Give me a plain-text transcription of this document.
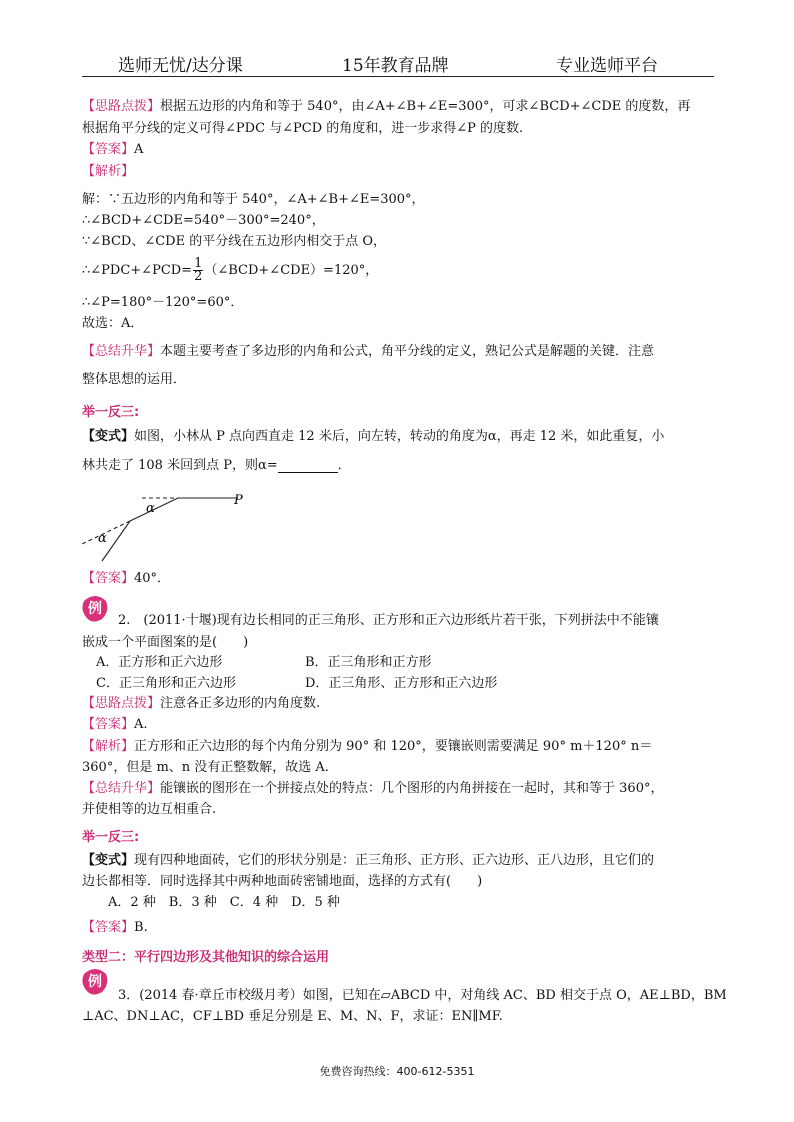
选师无忧/达分课	15年教育品牌	专业选师平台
【思路点拨】根据五边形的内角和等于 540°，由∠A+∠B+∠E=300°，可求∠BCD+∠CDE 的度数，再
根据角平分线的定义可得∠PDC 与∠PCD 的角度和，进一步求得∠P 的度数.
【答案】A
【解析】
解：∵五边形的内角和等于 540°，∠A+∠B+∠E=300°，
∴∠BCD+∠CDE=540°－300°=240°，
∵∠BCD、∠CDE 的平分线在五边形内相交于点 O，
∴∠PDC+∠PCD= $\frac{1}{2}$ （∠BCD+∠CDE）=120°，
∴∠P=180°－120°=60°．
故选：A．
【总结升华】本题主要考查了多边形的内角和公式，角平分线的定义，熟记公式是解题的关键．注意
整体思想的运用．
举一反三:
【变式】如图，小林从 P 点向西直走 12 米后，向左转，转动的角度为α，再走 12 米，如此重复，小
林共走了 108 米回到点 P，则α=	．
P
α
α
【答案】40°．
例
2.　(2011·十堰)现有边长相同的正三角形、正方形和正六边形纸片若干张，下列拼法中不能镶
嵌成一个平面图案的是(　　)
A．正方形和正六边形	B．正三角形和正方形
C．正三角形和正六边形	D．正三角形、正方形和正六边形
【思路点拨】注意各正多边形的内角度数.
【答案】A.
【解析】正方形和正六边形的每个内角分别为 90° 和 120°，要镶嵌则需要满足 90° m＋120° n＝
360°，但是 m、n 没有正整数解，故选 A.
【总结升华】能镶嵌的图形在一个拼接点处的特点：几个图形的内角拼接在一起时，其和等于 360°，
并使相等的边互相重合.
举一反三:
【变式】现有四种地面砖，它们的形状分别是：正三角形、正方形、正六边形、正八边形，且它们的
边长都相等．同时选择其中两种地面砖密铺地面，选择的方式有(　　)
A．2 种　B．3 种　C．4 种　D．5 种
【答案】B.
类型二：平行四边形及其他知识的综合运用
例
3．(2014 春·章丘市校级月考）如图，已知在▱ABCD 中，对角线 AC、BD 相交于点 O，AE⊥BD，BM
⊥AC、DN⊥AC，CF⊥BD 垂足分别是 E、M、N、F，求证：EN∥MF.
免费咨询热线：400-612-5351
